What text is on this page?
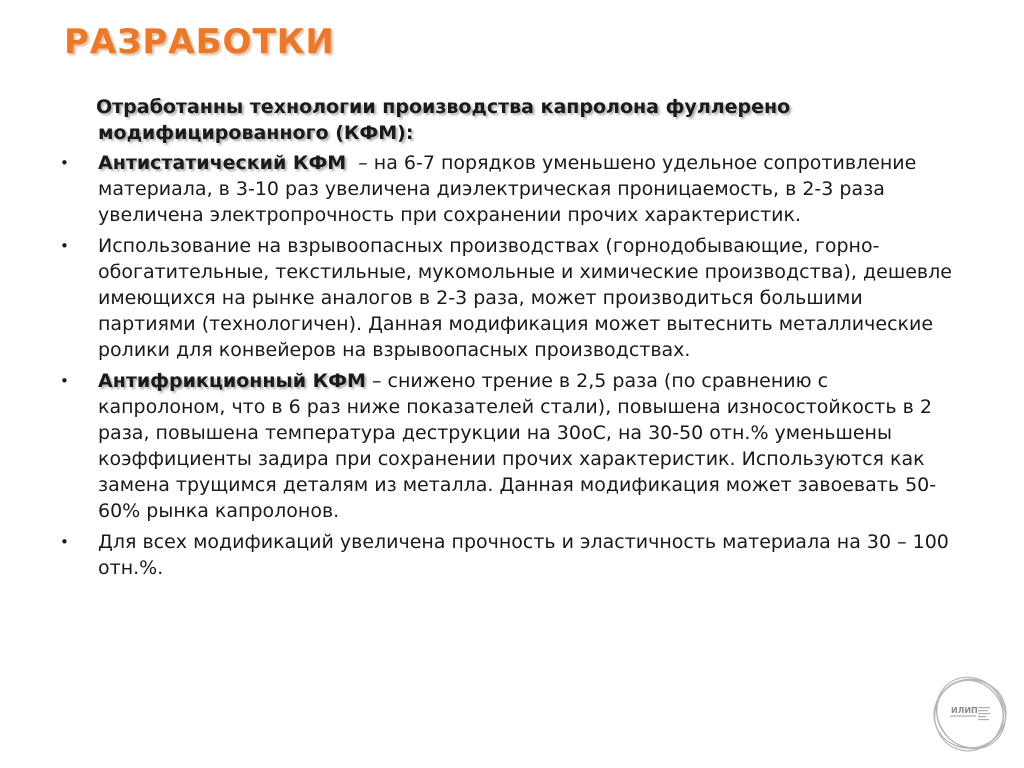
РАЗРАБОТКИ

Отработанны технологии производства капролона фуллерено модифицированного (КФМ):

• Антистатический КФМ  – на 6-7 порядков уменьшено удельное сопротивление материала, в 3-10 раз увеличена диэлектрическая проницаемость, в 2-3 раза увеличена электропрочность при сохранении прочих характеристик.
• Использование на взрывоопасных производствах (горнодобывающие, горно-обогатительные, текстильные, мукомольные и химические производства), дешевле имеющихся на рынке аналогов в 2-3 раза, может производиться большими партиями (технологичен). Данная модификация может вытеснить металлические ролики для конвейеров на взрывоопасных производствах.
• Антифрикционный КФМ – снижено трение в 2,5 раза (по сравнению с капролоном, что в 6 раз ниже показателей стали), повышена износостойкость в 2 раза, повышена температура деструкции на 30оС, на 30-50 отн.% уменьшены коэффициенты задира при сохранении прочих характеристик. Используются как замена трущимся деталям из металла. Данная модификация может завоевать 50-60% рынка капролонов.
• Для всех модификаций увеличена прочность и эластичность материала на 30 – 100 отн.%.
ИЛИП
